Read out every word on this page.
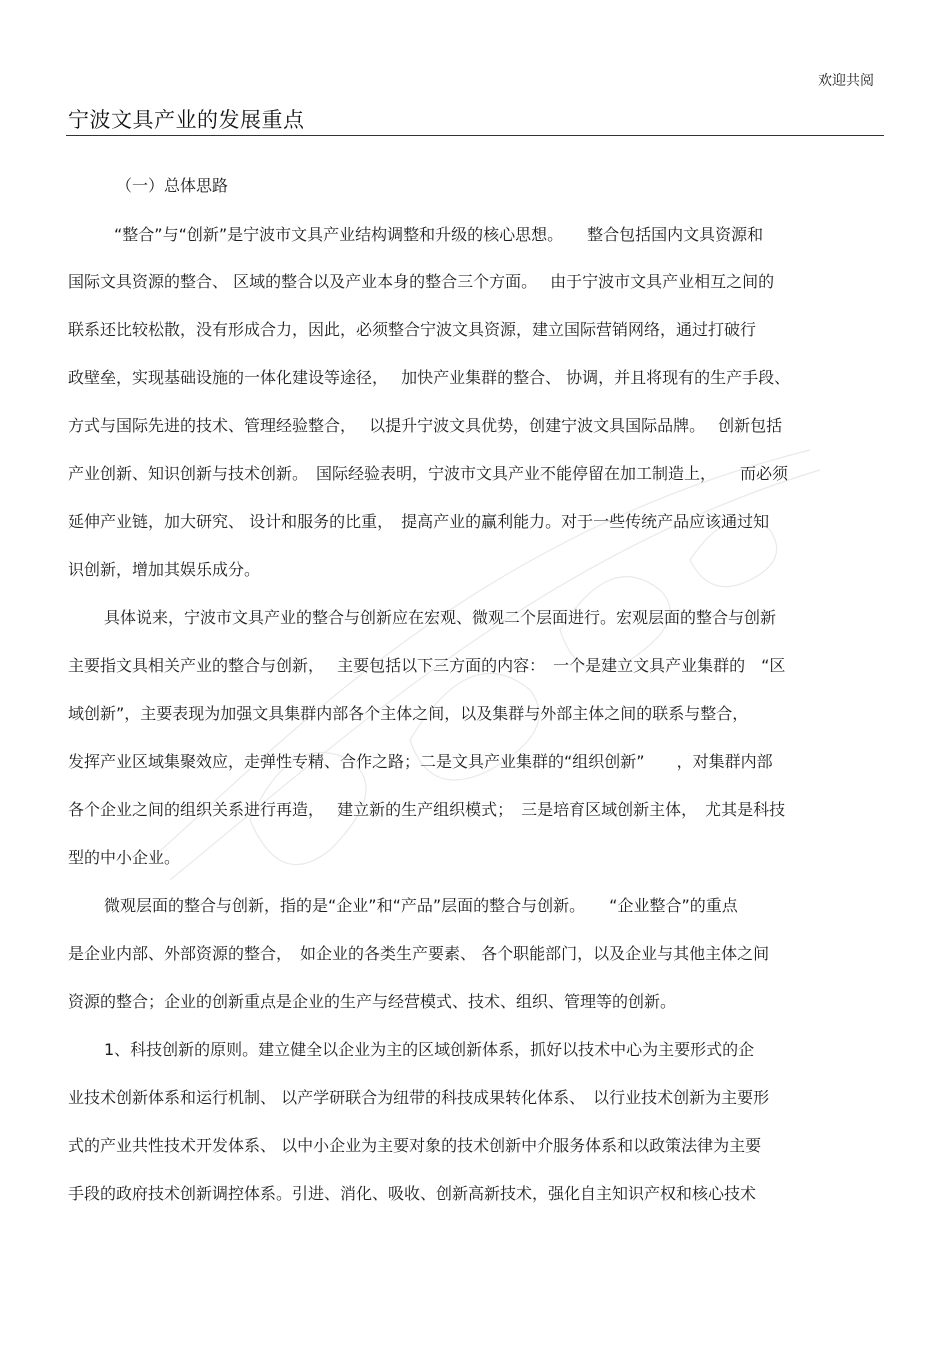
欢迎共阅
宁波文具产业的发展重点
（一）总体思路
“整合”与“创新”是宁波市文具产业结构调整和升级的核心思想。　　整合包括国内文具资源和
国际文具资源的整合、 区域的整合以及产业本身的整合三个方面。　 由于宁波市文具产业相互之间的
联系还比较松散，没有形成合力，因此，必须整合宁波文具资源，建立国际营销网络，通过打破行
政壁垒，实现基础设施的一体化建设等途径，　 加快产业集群的整合、 协调，并且将现有的生产手段、
方式与国际先进的技术、管理经验整合，　 以提升宁波文具优势，创建宁波文具国际品牌。　 创新包括
产业创新、知识创新与技术创新。　国际经验表明，宁波市文具产业不能停留在加工制造上，　　而必须
延伸产业链，加大研究、 设计和服务的比重，　提高产业的赢利能力。对于一些传统产品应该通过知
识创新，增加其娱乐成分。
具体说来，宁波市文具产业的整合与创新应在宏观、微观二个层面进行。宏观层面的整合与创新
主要指文具相关产业的整合与创新，　 主要包括以下三方面的内容：　一个是建立文具产业集群的　“区
域创新”，主要表现为加强文具集群内部各个主体之间，以及集群与外部主体之间的联系与整合，
发挥产业区域集聚效应，走弹性专精、合作之路；二是文具产业集群的“组织创新”　　，对集群内部
各个企业之间的组织关系进行再造，　 建立新的生产组织模式；　三是培育区域创新主体，　尤其是科技
型的中小企业。
微观层面的整合与创新，指的是“企业”和“产品”层面的整合与创新。　　“企业整合”的重点
是企业内部、外部资源的整合，　如企业的各类生产要素、 各个职能部门，以及企业与其他主体之间
资源的整合；企业的创新重点是企业的生产与经营模式、技术、组织、管理等的创新。
1、科技创新的原则。建立健全以企业为主的区域创新体系，抓好以技术中心为主要形式的企
业技术创新体系和运行机制、 以产学研联合为纽带的科技成果转化体系、　以行业技术创新为主要形
式的产业共性技术开发体系、 以中小企业为主要对象的技术创新中介服务体系和以政策法律为主要
手段的政府技术创新调控体系。引进、消化、吸收、创新高新技术，强化自主知识产权和核心技术
